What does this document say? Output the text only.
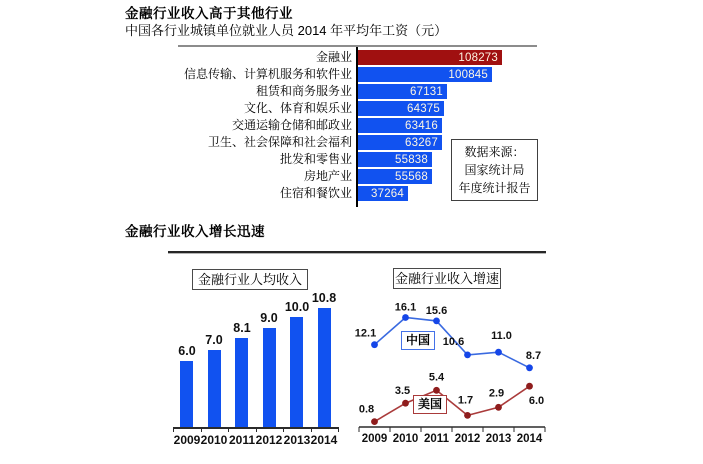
金融行业收入高于其他行业
中国各行业城镇单位就业人员 2014 年平均年工资（元）
金融业	108273
信息传输、计算机服务和软件业	100845
租赁和商务服务业	67131
文化、体育和娱乐业	64375
交通运输仓储和邮政业	63416
卫生、社会保障和社会福利	63267
批发和零售业	55838
房地产业	55568
住宿和餐饮业 37264
数据来源：
国家统计局
年度统计报告
金融行业收入增长迅速
金融行业人均收入	金融行业收入增速
6.0
7.0
8.1
9.0
10.0
10.8
2009 2010 2011 2012 2013 2014	2009 2010 2011 2012 2013 2014
12.1
16.1 15.6
10.6 11.0
8.7
0.8
3.5
5.4
1.7
2.9
6.0
中国
美国
